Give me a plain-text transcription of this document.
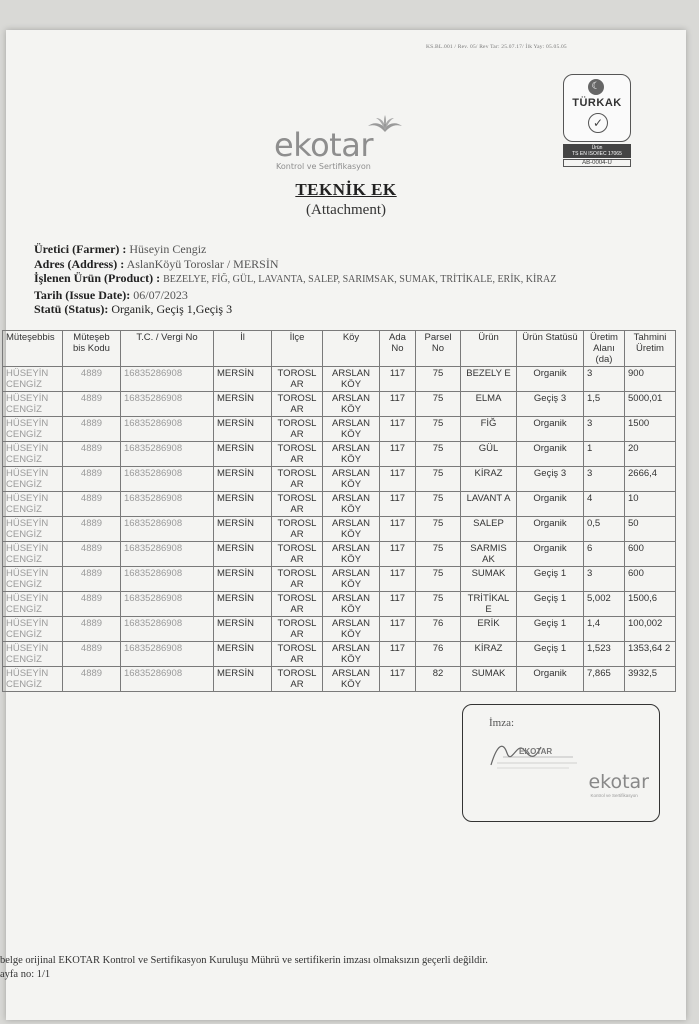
KS.BL.001 / Rev. 05/ Rev Tar: 25.07.17/ İlk Yay: 05.05.05
ekotar
Kontrol ve Sertifikasyon
☾
TÜRKAK
✓
Ürün
TS EN ISO/IEC 17065
AB-0004-U
TEKNİK EK
(Attachment)
Üretici (Farmer) : Hüseyin Cengiz
Adres (Address) : AslanKöyü Toroslar / MERSİN
İşlenen Ürün (Product) : BEZELYE, FİĞ, GÜL, LAVANTA, SALEP, SARIMSAK, SUMAK, TRİTİKALE, ERİK, KİRAZ
Tarih (Issue Date): 06/07/2023
Statü (Status): Organik, Geçiş 1,Geçiş 3
Müteşebbis	Müteşeb bis Kodu	T.C. / Vergi No	İl	İlçe	Köy	Ada No	Parsel No	Ürün	Ürün Statüsü	Üretim Alanı (da)	Tahmini Üretim
HÜSEYİN CENGİZ	4889	16835286908	MERSİN	TOROSL AR	ARSLAN KÖY	117	75	BEZELY E	Organik	3	900
HÜSEYİN CENGİZ	4889	16835286908	MERSİN	TOROSL AR	ARSLAN KÖY	117	75	ELMA	Geçiş 3	1,5	5000,01
HÜSEYİN CENGİZ	4889	16835286908	MERSİN	TOROSL AR	ARSLAN KÖY	117	75	FİĞ	Organik	3	1500
HÜSEYİN CENGİZ	4889	16835286908	MERSİN	TOROSL AR	ARSLAN KÖY	117	75	GÜL	Organik	1	20
HÜSEYİN CENGİZ	4889	16835286908	MERSİN	TOROSL AR	ARSLAN KÖY	117	75	KİRAZ	Geçiş 3	3	2666,4
HÜSEYİN CENGİZ	4889	16835286908	MERSİN	TOROSL AR	ARSLAN KÖY	117	75	LAVANT A	Organik	4	10
HÜSEYİN CENGİZ	4889	16835286908	MERSİN	TOROSL AR	ARSLAN KÖY	117	75	SALEP	Organik	0,5	50
HÜSEYİN CENGİZ	4889	16835286908	MERSİN	TOROSL AR	ARSLAN KÖY	117	75	SARMIS AK	Organik	6	600
HÜSEYİN CENGİZ	4889	16835286908	MERSİN	TOROSL AR	ARSLAN KÖY	117	75	SUMAK	Geçiş 1	3	600
HÜSEYİN CENGİZ	4889	16835286908	MERSİN	TOROSL AR	ARSLAN KÖY	117	75	TRİTİKAL E	Geçiş 1	5,002	1500,6
HÜSEYİN CENGİZ	4889	16835286908	MERSİN	TOROSL AR	ARSLAN KÖY	117	76	ERİK	Geçiş 1	1,4	100,002
HÜSEYİN CENGİZ	4889	16835286908	MERSİN	TOROSL AR	ARSLAN KÖY	117	76	KİRAZ	Geçiş 1	1,523	1353,64 2
HÜSEYİN CENGİZ	4889	16835286908	MERSİN	TOROSL AR	ARSLAN KÖY	117	82	SUMAK	Organik	7,865	3932,5
İmza:
EKOTAR
ekotar
Kontrol ve Sertifikasyon
belge orijinal EKOTAR Kontrol ve Sertifikasyon Kuruluşu Mührü ve sertifikerin imzası olmaksızın geçerli değildir.
ayfa no: 1/1
